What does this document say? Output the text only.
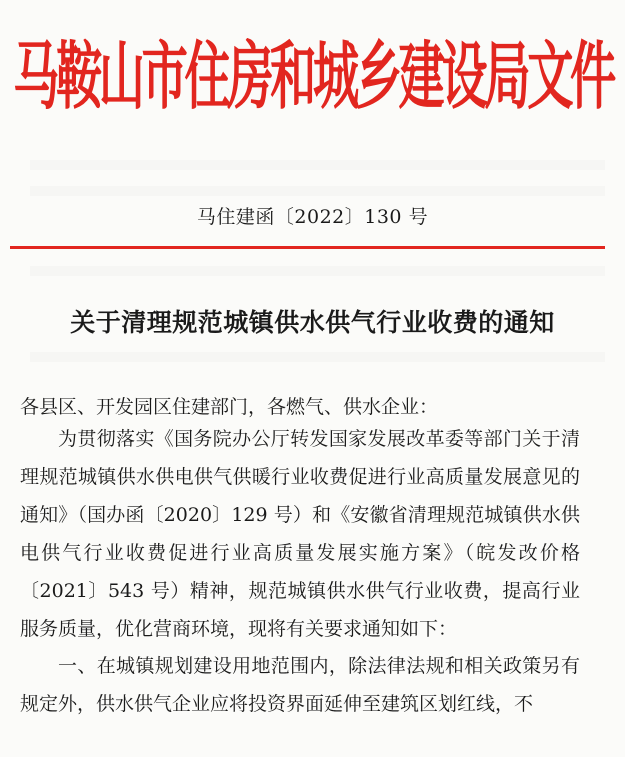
马鞍山市住房和城乡建设局文件
马住建函〔2022〕130 号
关于清理规范城镇供水供气行业收费的通知
各县区、开发园区住建部门，各燃气、供水企业：

为贯彻落实《国务院办公厅转发国家发展改革委等部门关于清理规范城镇供水供电供气供暖行业收费促进行业高质量发展意见的通知》（国办函〔2020〕129 号）和《安徽省清理规范城镇供水供电供气行业收费促进行业高质量发展实施方案》（皖发改价格〔2021〕543 号）精神，规范城镇供水供气行业收费，提高行业服务质量，优化营商环境，现将有关要求通知如下：

一、在城镇规划建设用地范围内，除法律法规和相关政策另有规定外，供水供气企业应将投资界面延伸至建筑区划红线，不
